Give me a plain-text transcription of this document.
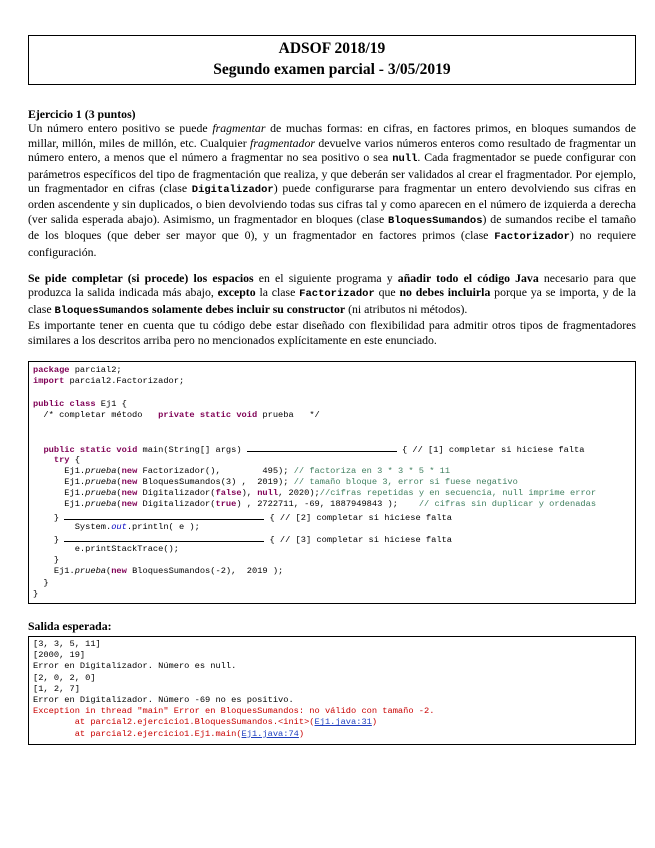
ADSOF 2018/19
Segundo examen parcial - 3/05/2019

Ejercicio 1 (3 puntos)

Un número entero positivo se puede fragmentar de muchas formas: en cifras, en factores primos, en bloques sumandos de millar, millón, miles de millón, etc. Cualquier fragmentador devuelve varios números enteros como resultado de fragmentar un número entero, a menos que el número a fragmentar no sea positivo o sea null. Cada fragmentador se puede configurar con parámetros específicos del tipo de fragmentación que realiza, y que deberán ser validados al crear el fragmentador. Por ejemplo, un fragmentador en cifras (clase Digitalizador) puede configurarse para fragmentar un entero devolviendo sus cifras en orden ascendente y sin duplicados, o bien devolviendo todas sus cifras tal y como aparecen en el número de izquierda a derecha (ver salida esperada abajo). Asimismo, un fragmentador en bloques (clase BloquesSumandos) de sumandos recibe el tamaño de los bloques (que deber ser mayor que 0), y un fragmentador en factores primos (clase Factorizador) no requiere configuración.

Se pide completar (si procede) los espacios en el siguiente programa y añadir todo el código Java necesario para que produzca la salida indicada más abajo, excepto la clase Factorizador que no debes incluirla porque ya se importa, y de la clase BloquesSumandos solamente debes incluir su constructor (ni atributos ni métodos).

Es importante tener en cuenta que tu código debe estar diseñado con flexibilidad para admitir otros tipos de fragmentadores similares a los descritos arriba pero no mencionados explícitamente en este enunciado.

package parcial2;
import parcial2.Factorizador;
public class Ej1 {
/* completar método   private static void prueba   */
public static void main(String[] args)	{ // [1] completar si hiciese falta
try {
Ej1.prueba(new Factorizador(),        495); // factoriza en 3 * 3 * 5 * 11
Ej1.prueba(new BloquesSumandos(3) ,  2019); // tamaño bloque 3, error si fuese negativo
Ej1.prueba(new Digitalizador(false), null, 2020);//cifras repetidas y en secuencia, null imprime error
Ej1.prueba(new Digitalizador(true) , 2722711, -69, 1887949843 );    // cifras sin duplicar y ordenadas
}	{ // [2] completar si hiciese falta
System.out.println( e );
}	{ // [3] completar si hiciese falta
e.printStackTrace();
}
Ej1.prueba(new BloquesSumandos(-2),  2019 );
}
}
Salida esperada:
[3, 3, 5, 11]
[2000, 19]
Error en Digitalizador. Número es null.
[2, 0, 2, 0]
[1, 2, 7]
Error en Digitalizador. Número -69 no es positivo.
Exception in thread "main" Error en BloquesSumandos: no válido con tamaño -2.
at parcial2.ejercicio1.BloquesSumandos.<init>(Ej1.java:31)
at parcial2.ejercicio1.Ej1.main(Ej1.java:74)
